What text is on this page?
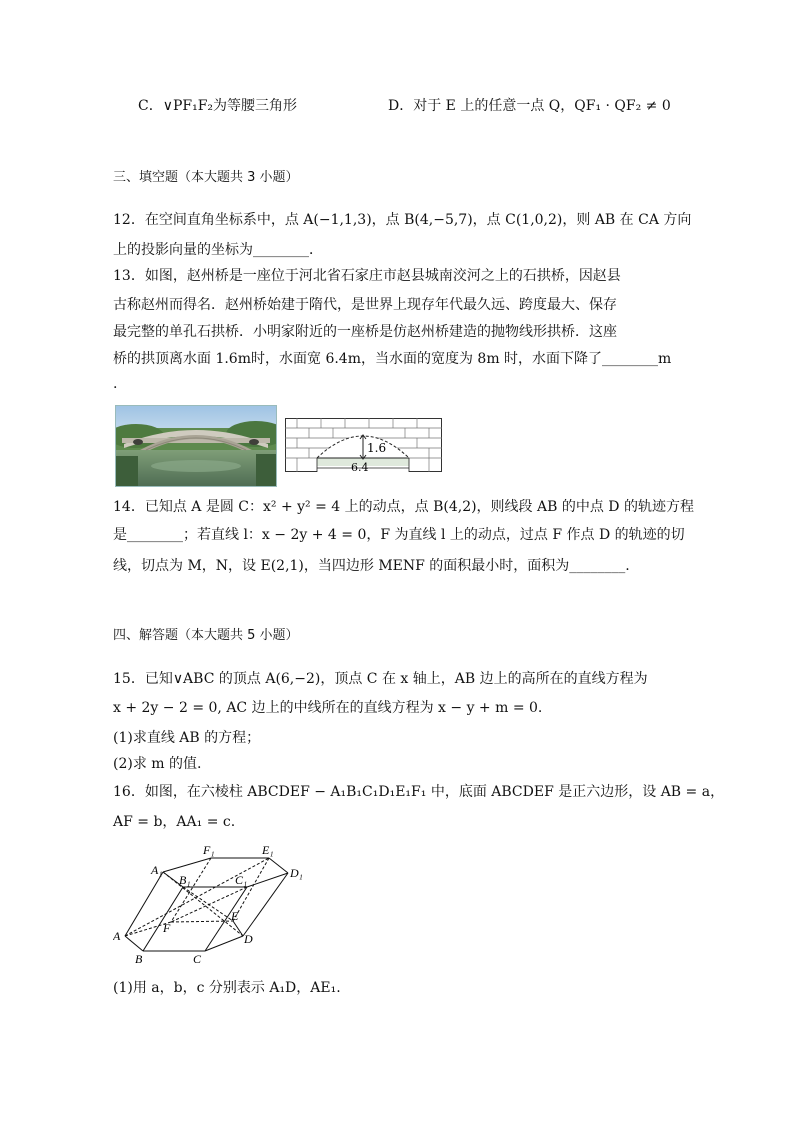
C．∨PF₁F₂为等腰三角形	D．对于 E 上的任意一点 Q，QF₁ · QF₂ ≠ 0
三、填空题（本大题共 3 小题）
12．在空间直角坐标系中，点 A(−1,1,3)，点 B(4,−5,7)，点 C(1,0,2)，则 AB 在 CA 方向
上的投影向量的坐标为________．
13．如图，赵州桥是一座位于河北省石家庄市赵县城南洨河之上的石拱桥，因赵县
古称赵州而得名．赵州桥始建于隋代，是世界上现存年代最久远、跨度最大、保存
最完整的单孔石拱桥．小明家附近的一座桥是仿赵州桥建造的抛物线形拱桥．这座
桥的拱顶离水面 1.6m时，水面宽 6.4m，当水面的宽度为 8m 时，水面下降了________m
.
1.6
6.4
14．已知点 A 是圆 C：x² + y² = 4 上的动点，点 B(4,2)，则线段 AB 的中点 D 的轨迹方程
是________；若直线 l：x − 2y + 4 = 0，F 为直线 l 上的动点，过点 F 作点 D 的轨迹的切
线，切点为 M，N，设 E(2,1)，当四边形 MENF 的面积最小时，面积为________.
四、解答题（本大题共 5 小题）
15．已知∨ABC 的顶点 A(6,−2)，顶点 C 在 x 轴上，AB 边上的高所在的直线方程为
x + 2y − 2 = 0, AC 边上的中线所在的直线方程为 x − y + m = 0.
(1)求直线 AB 的方程；
(2)求 m 的值.
16．如图，在六棱柱 ABCDEF − A₁B₁C₁D₁E₁F₁ 中，底面 ABCDEF 是正六边形，设 AB = a，
AF = b，AA₁ = c.
F₁	E₁
A₁
B₁	C₁	D₁
F
E
A
B	C
D
(1)用 a，b，c 分别表示 A₁D，AE₁.
